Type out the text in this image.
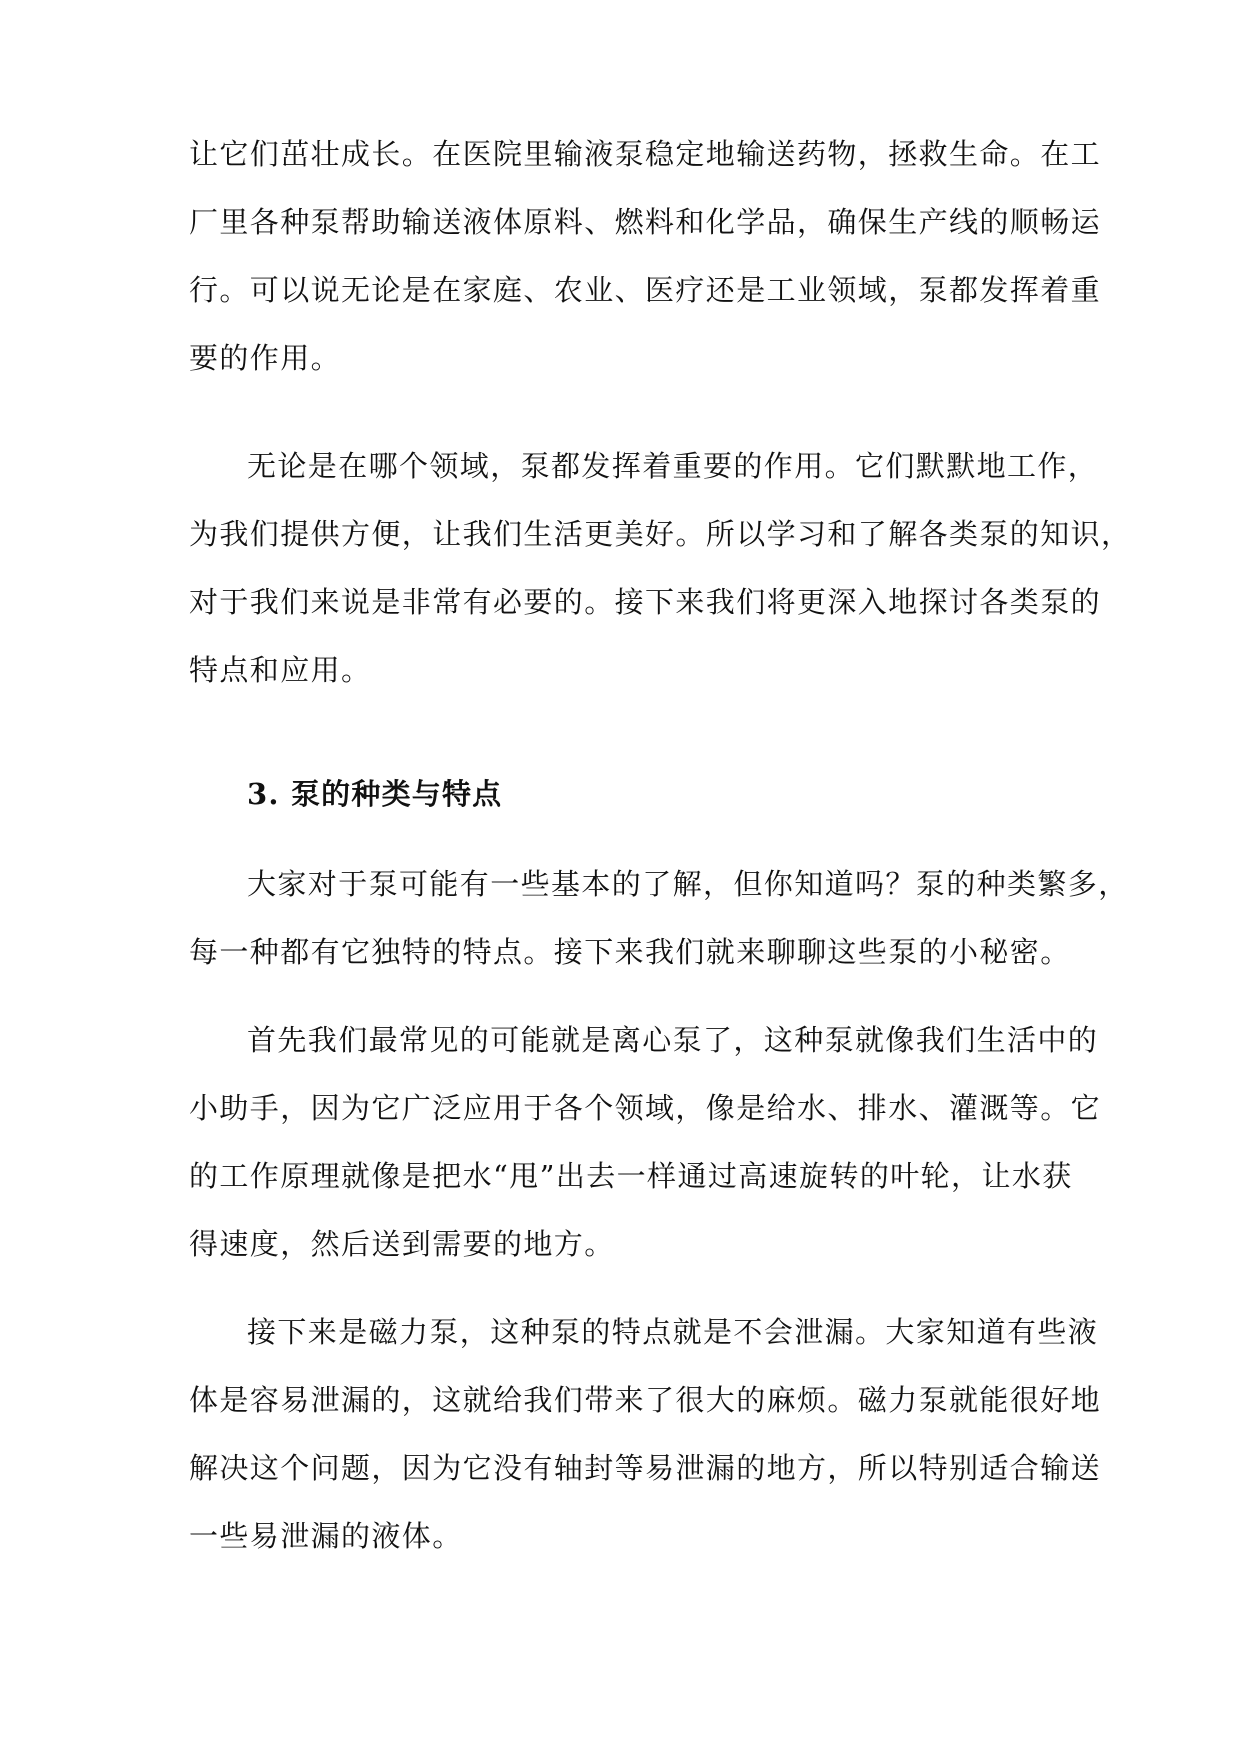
让它们茁壮成长。在医院里输液泵稳定地输送药物，拯救生命。在工
厂里各种泵帮助输送液体原料、燃料和化学品，确保生产线的顺畅运
行。可以说无论是在家庭、农业、医疗还是工业领域，泵都发挥着重
要的作用。
无论是在哪个领域，泵都发挥着重要的作用。它们默默地工作，
为我们提供方便，让我们生活更美好。所以学习和了解各类泵的知识，
对于我们来说是非常有必要的。接下来我们将更深入地探讨各类泵的
特点和应用。
3. 泵的种类与特点
大家对于泵可能有一些基本的了解，但你知道吗？泵的种类繁多，
每一种都有它独特的特点。接下来我们就来聊聊这些泵的小秘密。
首先我们最常见的可能就是离心泵了，这种泵就像我们生活中的
小助手，因为它广泛应用于各个领域，像是给水、排水、灌溉等。它
的工作原理就像是把水“甩”出去一样通过高速旋转的叶轮，让水获
得速度，然后送到需要的地方。
接下来是磁力泵，这种泵的特点就是不会泄漏。大家知道有些液
体是容易泄漏的，这就给我们带来了很大的麻烦。磁力泵就能很好地
解决这个问题，因为它没有轴封等易泄漏的地方，所以特别适合输送
一些易泄漏的液体。
